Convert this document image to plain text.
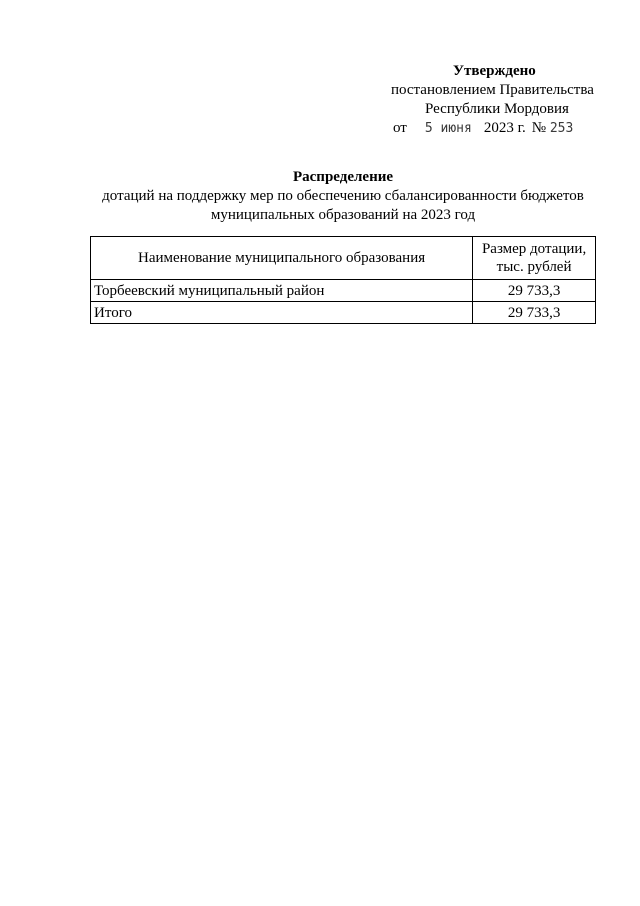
Утверждено
постановлением Правительства
Республики Мордовия
от 5 июня 2023 г. № 253
Распределение
дотаций на поддержку мер по обеспечению сбалансированности бюджетов
муниципальных образований на 2023 год
Наименование муниципального образования	Размер дотации,
тыс. рублей
Торбеевский муниципальный район	29 733,3
Итого	29 733,3
